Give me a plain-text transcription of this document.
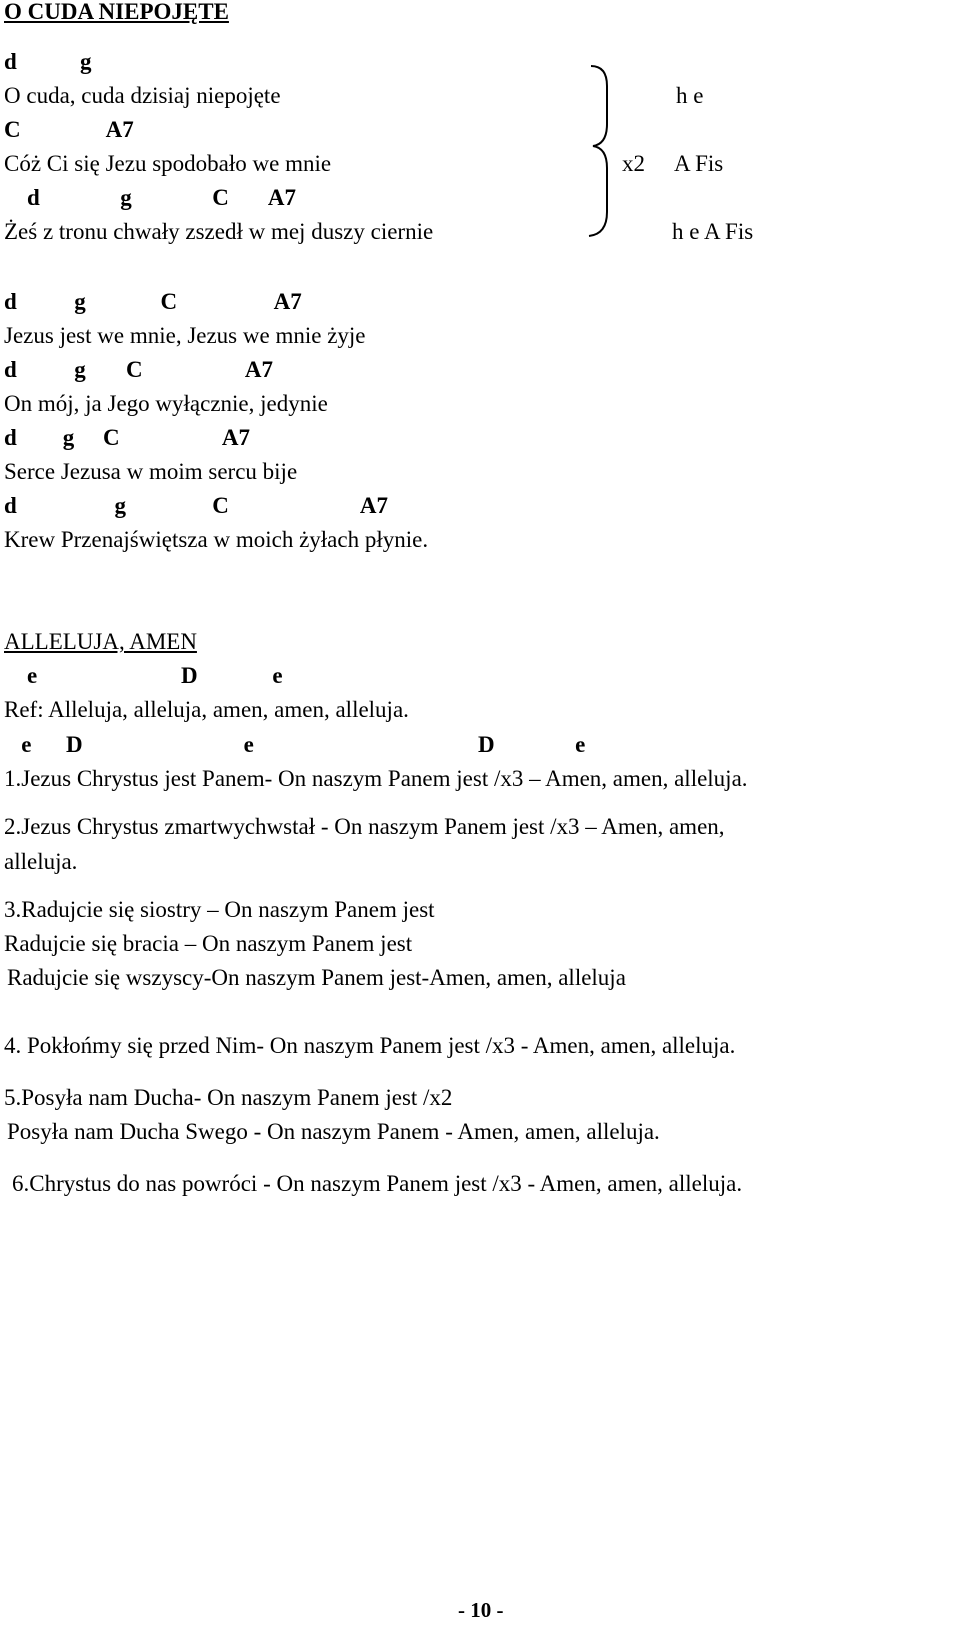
O CUDA NIEPOJĘTE
d           g
O cuda, cuda dzisiaj niepojęte
C               A7
Cóż Ci się Jezu spodobało we mnie
d              g              C       A7
Żeś z tronu chwały zszedł w mej duszy ciernie
x2
h e
A Fis
h e A Fis
d          g             C                 A7
Jezus jest we mnie, Jezus we mnie żyje
d          g       C                  A7
On mój, ja Jego wyłącznie, jedynie
d        g     C                  A7
Serce Jezusa w moim sercu bije
d                 g               C                       A7
Krew Przenajświętsza w moich żyłach płynie.
ALLELUJA, AMEN
e                         D             e
Ref: Alleluja, alleluja, amen, amen, alleluja.
e      D                            e                                       D              e
1.Jezus Chrystus jest Panem- On naszym Panem jest /x3 – Amen, amen, alleluja.
2.Jezus Chrystus zmartwychwstał - On naszym Panem jest /x3 – Amen, amen,
alleluja.
3.Radujcie się siostry – On naszym Panem jest
Radujcie się bracia – On naszym Panem jest
Radujcie się wszyscy-On naszym Panem jest-Amen, amen, alleluja
4. Pokłońmy się przed Nim- On naszym Panem jest /x3 - Amen, amen, alleluja.
5.Posyła nam Ducha- On naszym Panem jest /x2
Posyła nam Ducha Swego - On naszym Panem - Amen, amen, alleluja.
6.Chrystus do nas powróci - On naszym Panem jest /x3 - Amen, amen, alleluja.
- 10 -
